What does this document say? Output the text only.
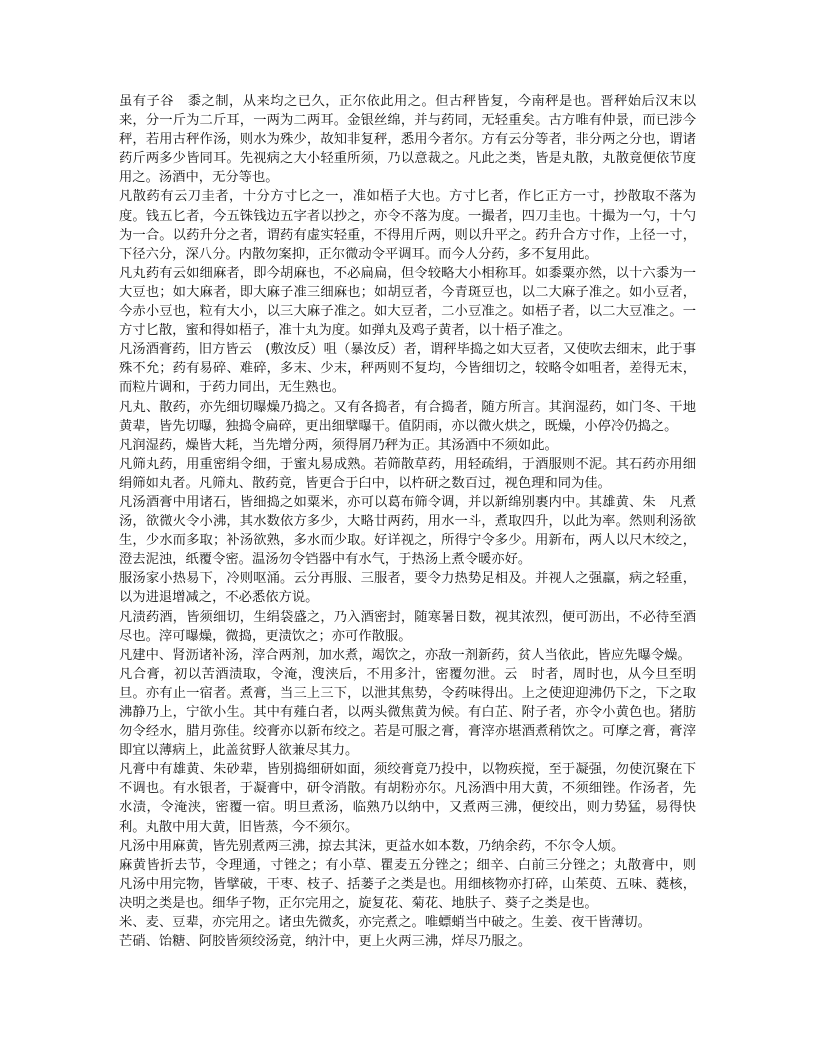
虽有子谷　黍之制，从来均之已久，正尔依此用之。但古秤皆复，今南秤是也。晋秤始后汉末以来，分一斤为二斤耳，一两为二两耳。金银丝绵，并与药同，无轻重矣。古方唯有仲景，而已涉今秤，若用古秤作汤，则水为殊少，故知非复秤，悉用今者尔。方有云分等者，非分两之分也，谓诸药斤两多少皆同耳。先视病之大小轻重所须，乃以意裁之。凡此之类，皆是丸散，丸散竟便依节度用之。汤酒中，无分等也。

凡散药有云刀圭者，十分方寸匕之一，准如梧子大也。方寸匕者，作匕正方一寸，抄散取不落为度。钱五匕者，今五铢钱边五字者以抄之，亦令不落为度。一撮者，四刀圭也。十撮为一勺，十勺为一合。以药升分之者，谓药有虚实轻重，不得用斤两，则以升平之。药升合方寸作，上径一寸，下径六分，深八分。内散勿案抑，正尔微动令平调耳。而今人分药，多不复用此。

凡丸药有云如细麻者，即今胡麻也，不必扁扁，但令较略大小相称耳。如黍粟亦然，以十六黍为一大豆也；如大麻者，即大麻子准三细麻也；如胡豆者，今青斑豆也，以二大麻子准之。如小豆者，今赤小豆也，粒有大小，以三大麻子准之。如大豆者，二小豆准之。如梧子者，以二大豆准之。一方寸匕散，蜜和得如梧子，准十丸为度。如弹丸及鸡子黄者，以十梧子准之。

凡汤酒膏药，旧方皆云　(敷汝反）咀（暴汝反）者，谓秤毕捣之如大豆者，又使吹去细末，此于事殊不允；药有易碎、难碎，多末、少末，秤两则不复均，今皆细切之，较略令如咀者，差得无末，而粒片调和，于药力同出，无生熟也。

凡丸、散药，亦先细切曝燥乃捣之。又有各捣者，有合捣者，随方所言。其润湿药，如门冬、干地黄辈，皆先切曝，独捣令扁碎，更出细擘曝干。值阴雨，亦以微火烘之，既燥，小停冷仍捣之。

凡润湿药，燥皆大耗，当先增分两，须得屑乃秤为正。其汤酒中不须如此。

凡筛丸药，用重密绢令细，于蜜丸易成熟。若筛散草药，用轻疏绢，于酒服则不泥。其石药亦用细绢筛如丸者。凡筛丸、散药竟，皆更合于臼中，以杵研之数百过，视色理和同为佳。

凡汤酒膏中用诸石，皆细捣之如粟米，亦可以葛布筛令调，并以新绵别裹内中。其雄黄、朱　凡煮汤，欲微火令小沸，其水数依方多少，大略廿两药，用水一斗，煮取四升，以此为率。然则利汤欲生，少水而多取；补汤欲熟，多水而少取。好详视之，所得宁令多少。用新布，两人以尺木绞之，澄去泥浊，纸覆令密。温汤勿令铛器中有水气，于热汤上煮令暖亦好。

服汤家小热易下，冷则呕涌。云分再服、三服者，要令力热势足相及。并视人之强羸，病之轻重，以为进退增减之，不必悉依方说。

凡渍药酒，皆须细切，生绢袋盛之，乃入酒密封，随寒暑日数，视其浓烈，便可沥出，不必待至酒尽也。滓可曝燥，微捣，更渍饮之；亦可作散服。

凡建中、肾沥诸补汤，滓合两剂，加水煮，竭饮之，亦敌一剂新药，贫人当依此，皆应先曝令燥。

凡合膏，初以苦酒渍取，令淹，溲浃后，不用多汁，密覆勿泄。云　时者，周时也，从今旦至明旦。亦有止一宿者。煮膏，当三上三下，以泄其焦势，令药味得出。上之使迎迎沸仍下之，下之取沸静乃上，宁欲小生。其中有薤白者，以两头微焦黄为候。有白芷、附子者，亦令小黄色也。猪肪勿令经水，腊月弥佳。绞膏亦以新布绞之。若是可服之膏，膏滓亦堪酒煮稍饮之。可摩之膏，膏滓即宜以薄病上，此盖贫野人欲兼尽其力。

凡膏中有雄黄、朱砂辈，皆别捣细研如面，须绞膏竟乃投中，以物疾搅，至于凝强，勿使沉聚在下不调也。有水银者，于凝膏中，研令消散。有胡粉亦尔。凡汤酒中用大黄，不须细锉。作汤者，先水渍，令淹浃，密覆一宿。明旦煮汤，临熟乃以纳中，又煮两三沸，便绞出，则力势猛，易得快利。丸散中用大黄，旧皆蒸，今不须尔。

凡汤中用麻黄，皆先别煮两三沸，掠去其沫，更益水如本数，乃纳余药，不尔令人烦。

麻黄皆折去节，令理通，寸锉之；有小草、瞿麦五分锉之；细辛、白前三分锉之；丸散膏中，则　凡汤中用完物，皆擘破，干枣、枝子、括蒌子之类是也。用细核物亦打碎，山茱萸、五味、蕤核，决明之类是也。细华子物，正尔完用之，旋复花、菊花、地肤子、葵子之类是也。

米、麦、豆辈，亦完用之。诸虫先微炙，亦完煮之。唯螵蛸当中破之。生姜、夜干皆薄切。

芒硝、饴糖、阿胶皆须绞汤竟，纳汁中，更上火两三沸，烊尽乃服之。
